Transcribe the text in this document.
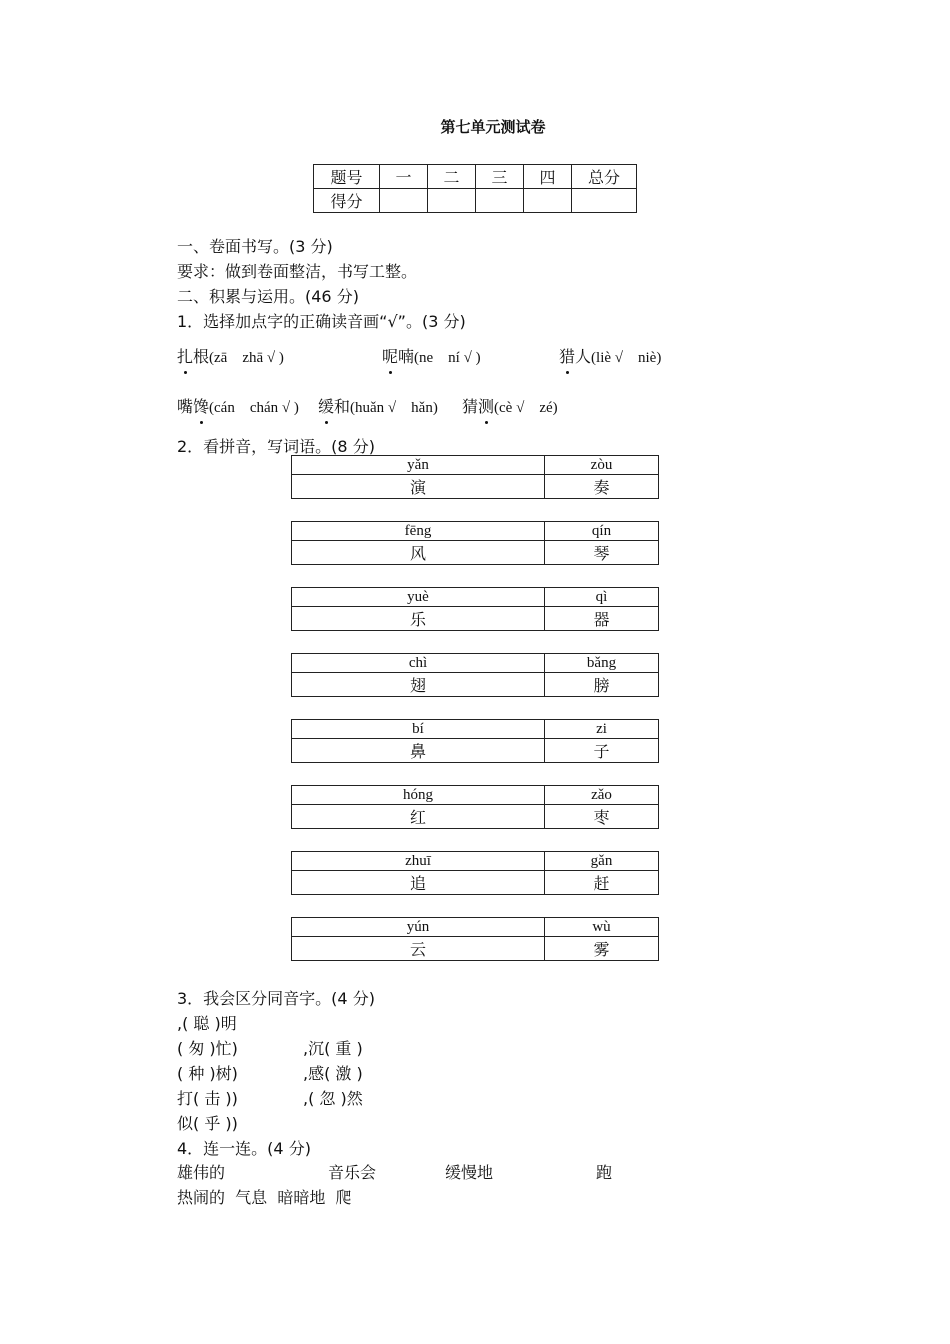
第七单元测试卷
题号	一	二	三	四	总分
得分					
一、卷面书写。(3 分)
要求：做到卷面整洁，书写工整。
二、积累与运用。(46 分)
1．选择加点字的正确读音画“√”。(3 分)
扎根(zā　zhā √ )	呢喃(ne　ní √ )	猎人(liè √　niè)
嘴馋(cán　chán √ ) 缓和(huǎn √　hǎn) 猜测(cè √　zé)
2．看拼音，写词语。(8 分)
yǎn	zòu
演	奏
fēng	qín
风	琴
yuè	qì
乐	器
chì	bǎng
翅	膀
bí	zi
鼻	子
hóng	zǎo
红	枣
zhuī	gǎn
追	赶
yún	wù
云	雾
3．我会区分同音字。(4 分)
,( 聪 )明
( 匆 )忙)	,沉( 重 )
( 种 )树)	,感( 激 )
打( 击 ))	,( 忽 )然
似( 乎 ))
4．连一连。(4 分)
雄伟的	音乐会	缓慢地	跑
热闹的  气息  暗暗地  爬
